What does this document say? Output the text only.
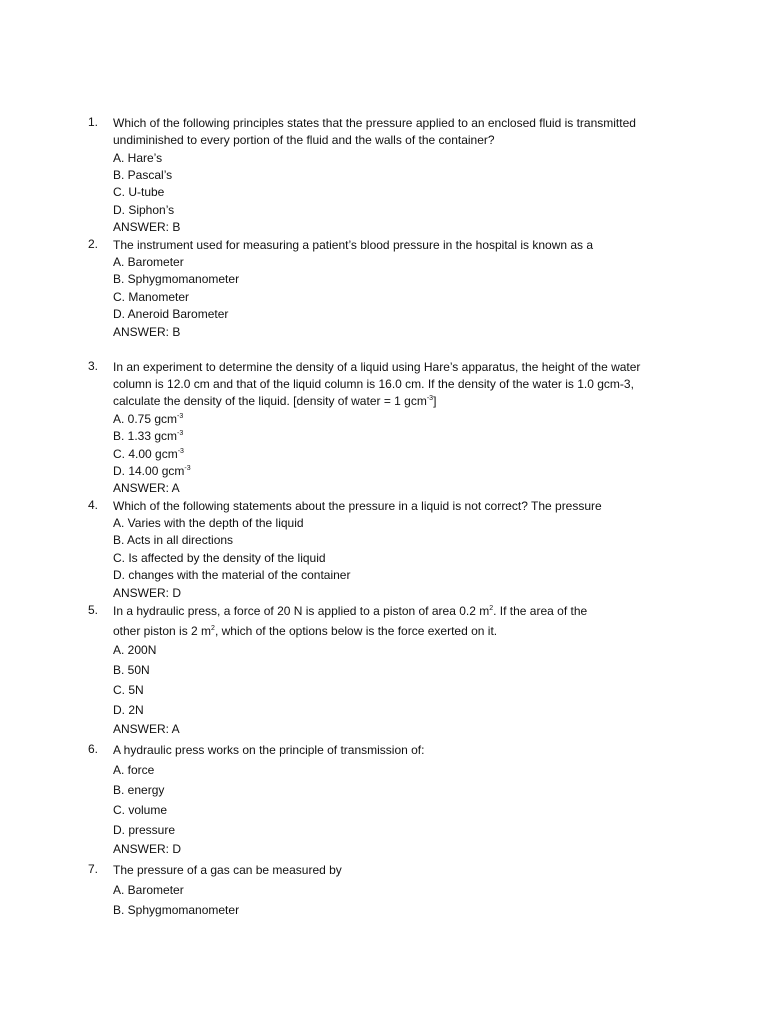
1.	Which of the following principles states that the pressure applied to an enclosed fluid is transmitted undiminished to every portion of the fluid and the walls of the container?
A. Hare’s
B. Pascal’s
C. U-tube
D. Siphon’s
ANSWER: B
2.	The instrument used for measuring a patient’s blood pressure in the hospital is known as a
A. Barometer
B. Sphygmomanometer
C. Manometer
D. Aneroid Barometer
ANSWER: B
3.	In an experiment to determine the density of a liquid using Hare’s apparatus, the height of the water column is 12.0 cm and that of the liquid column is 16.0 cm. If the density of the water is 1.0 gcm-3, calculate the density of the liquid. [density of water = 1 gcm$^{-3}$]
A. 0.75 gcm$^{-3}$
B. 1.33 gcm$^{-3}$
C. 4.00 gcm$^{-3}$
D. 14.00 gcm$^{-3}$
ANSWER: A
4.	Which of the following statements about the pressure in a liquid is not correct? The pressure
A. Varies with the depth of the liquid
B. Acts in all directions
C. Is affected by the density of the liquid
D. changes with the material of the container
ANSWER: D
5.	In a hydraulic press, a force of 20 N is applied to a piston of area 0.2 $m^2$. If the area of the
other piston is 2 $m^2$, which of the options below is the force exerted on it.
A. 200N
B. 50N
C. 5N
D. 2N
ANSWER: A
6.	A hydraulic press works on the principle of transmission of:
A. force
B. energy
C. volume
D. pressure
ANSWER: D
7.	The pressure of a gas can be measured by
A. Barometer
B. Sphygmomanometer
